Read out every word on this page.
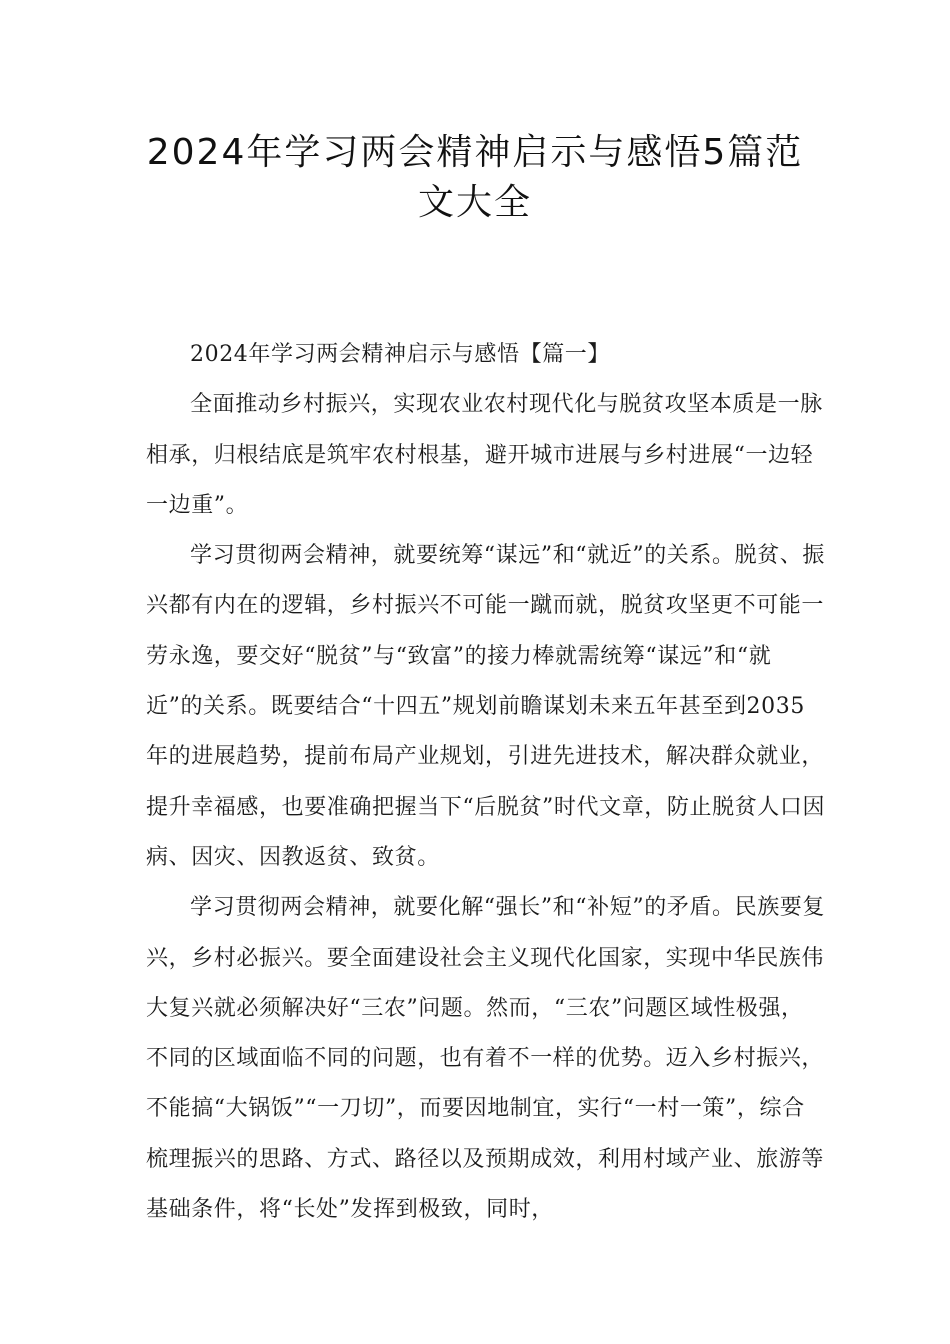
2024年学习两会精神启示与感悟5篇范
文大全

2024年学习两会精神启示与感悟【篇一】

全面推动乡村振兴，实现农业农村现代化与脱贫攻坚本质是一脉相承，归根结底是筑牢农村根基，避开城市进展与乡村进展“一边轻一边重”。

学习贯彻两会精神，就要统筹“谋远”和“就近”的关系。脱贫、振兴都有内在的逻辑，乡村振兴不可能一蹴而就，脱贫攻坚更不可能一劳永逸，要交好“脱贫”与“致富”的接力棒就需统筹“谋远”和“就近”的关系。既要结合“十四五”规划前瞻谋划未来五年甚至到2035年的进展趋势，提前布局产业规划，引进先进技术，解决群众就业，提升幸福感，也要准确把握当下“后脱贫”时代文章，防止脱贫人口因病、因灾、因教返贫、致贫。

学习贯彻两会精神，就要化解“强长”和“补短”的矛盾。民族要复兴，乡村必振兴。要全面建设社会主义现代化国家，实现中华民族伟大复兴就必须解决好“三农”问题。然而，“三农”问题区域性极强，不同的区域面临不同的问题，也有着不一样的优势。迈入乡村振兴，不能搞“大锅饭”“一刀切”，而要因地制宜，实行“一村一策”，综合梳理振兴的思路、方式、路径以及预期成效，利用村域产业、旅游等基础条件，将“长处”发挥到极致，同时，
